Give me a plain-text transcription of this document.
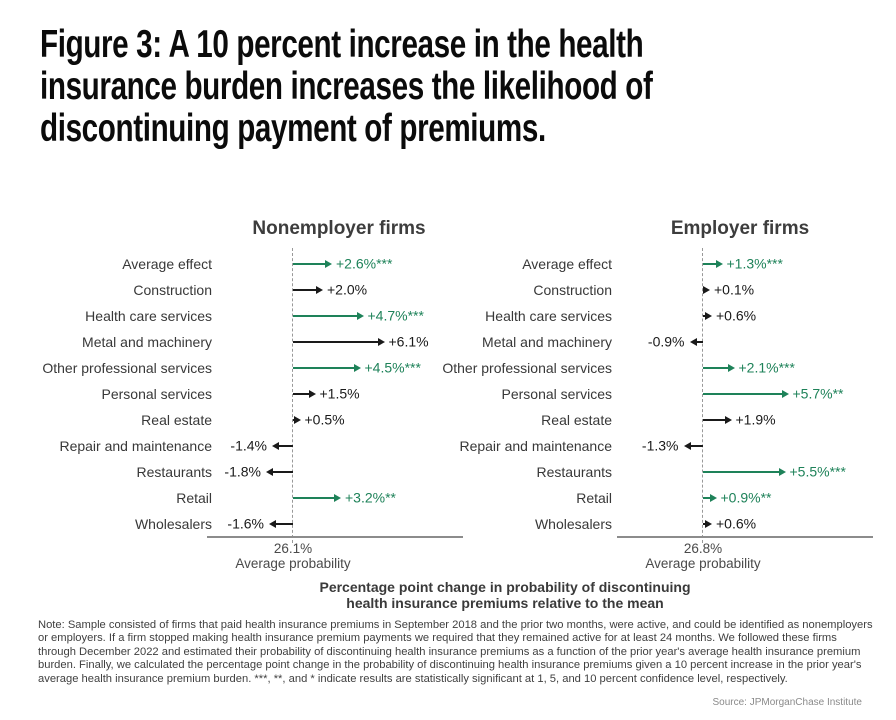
Figure 3: A 10 percent increase in the health
insurance burden increases the likelihood of
discontinuing payment of premiums.
Nonemployer firms
26.1%
Average probability
Average effect	+2.6%***
Construction	+2.0%
Health care services	+4.7%***
Metal and machinery	+6.1%
Other professional services	+4.5%***
Personal services	+1.5%
Real estate	+0.5%
Repair and maintenance -1.4%
Restaurants -1.8%
Retail	+3.2%**
Wholesalers -1.6%
Employer firms
26.8%
Average probability
Average effect	+1.3%***
Construction	+0.1%
Health care services	+0.6%
Metal and machinery	-0.9%
Other professional services	+2.1%***
Personal services	+5.7%**
Real estate	+1.9%
Repair and maintenance -1.3%
Restaurants	+5.5%***
Retail	+0.9%**
Wholesalers	+0.6%
Percentage point change in probability of discontinuing
health insurance premiums relative to the mean
Note: Sample consisted of firms that paid health insurance premiums in September 2018 and the prior two months, were active, and could be identified as nonemployers or employers. If a firm stopped making health insurance premium payments we required that they remained active for at least 24 months. We followed these firms through December 2022 and estimated their probability of discontinuing health insurance premiums as a function of the prior year's average health insurance premium burden. Finally, we calculated the percentage point change in the probability of discontinuing health insurance premiums given a 10 percent increase in the prior year's average health insurance premium burden. ***, **, and * indicate results are statistically significant at 1, 5, and 10 percent confidence level, respectively.
Source: JPMorganChase Institute
